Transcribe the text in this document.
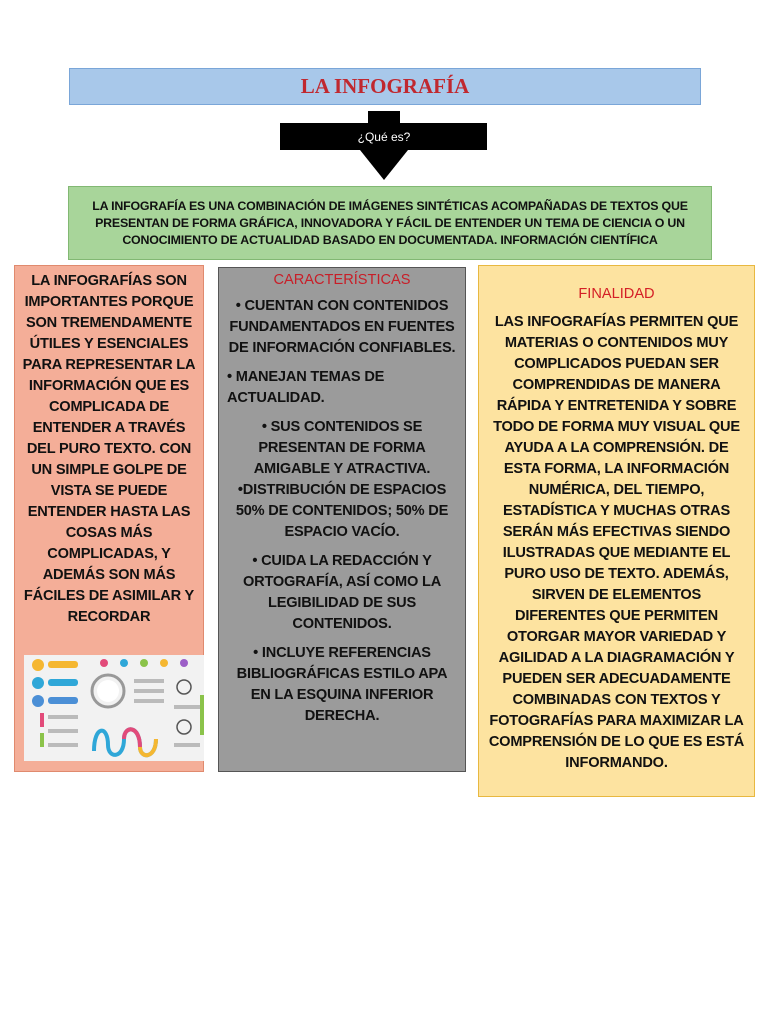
LA INFOGRAFÍA
¿Qué es?
LA INFOGRAFÍA ES UNA COMBINACIÓN DE IMÁGENES SINTÉTICAS ACOMPAÑADAS DE TEXTOS QUE PRESENTAN DE FORMA GRÁFICA, INNOVADORA Y FÁCIL DE ENTENDER UN TEMA DE CIENCIA O UN CONOCIMIENTO DE ACTUALIDAD BASADO EN DOCUMENTADA. INFORMACIÓN CIENTÍFICA
LA INFOGRAFÍAS SON IMPORTANTES PORQUE SON TREMENDAMENTE ÚTILES Y ESENCIALES PARA REPRESENTAR LA INFORMACIÓN QUE ES COMPLICADA DE ENTENDER A TRAVÉS DEL PURO TEXTO. CON UN SIMPLE GOLPE DE VISTA SE PUEDE ENTENDER HASTA LAS COSAS MÁS COMPLICADAS, Y ADEMÁS SON MÁS FÁCILES DE ASIMILAR Y RECORDAR
CARACTERÍSTICAS
• CUENTAN CON CONTENIDOS FUNDAMENTADOS EN FUENTES DE INFORMACIÓN CONFIABLES.
• MANEJAN TEMAS DE ACTUALIDAD.
• SUS CONTENIDOS SE PRESENTAN DE FORMA AMIGABLE Y ATRACTIVA.
•DISTRIBUCIÓN DE ESPACIOS 50% DE CONTENIDOS; 50% DE ESPACIO VACÍO.
• CUIDA LA REDACCIÓN Y ORTOGRAFÍA, ASÍ COMO LA LEGIBILIDAD DE SUS CONTENIDOS.
• INCLUYE REFERENCIAS BIBLIOGRÁFICAS ESTILO APA EN LA ESQUINA INFERIOR DERECHA.
FINALIDAD
LAS INFOGRAFÍAS PERMITEN QUE MATERIAS O CONTENIDOS MUY COMPLICADOS PUEDAN SER COMPRENDIDAS DE MANERA RÁPIDA Y ENTRETENIDA Y SOBRE TODO DE FORMA MUY VISUAL QUE AYUDA A LA COMPRENSIÓN. DE ESTA FORMA, LA INFORMACIÓN NUMÉRICA, DEL TIEMPO, ESTADÍSTICA Y MUCHAS OTRAS SERÁN MÁS EFECTIVAS SIENDO ILUSTRADAS QUE MEDIANTE EL PURO USO DE TEXTO. ADEMÁS, SIRVEN DE ELEMENTOS DIFERENTES QUE PERMITEN OTORGAR MAYOR VARIEDAD Y AGILIDAD A LA DIAGRAMACIÓN Y PUEDEN SER ADECUADAMENTE COMBINADAS CON TEXTOS Y FOTOGRAFÍAS PARA MAXIMIZAR LA COMPRENSIÓN DE LO QUE ES ESTÁ INFORMANDO.
